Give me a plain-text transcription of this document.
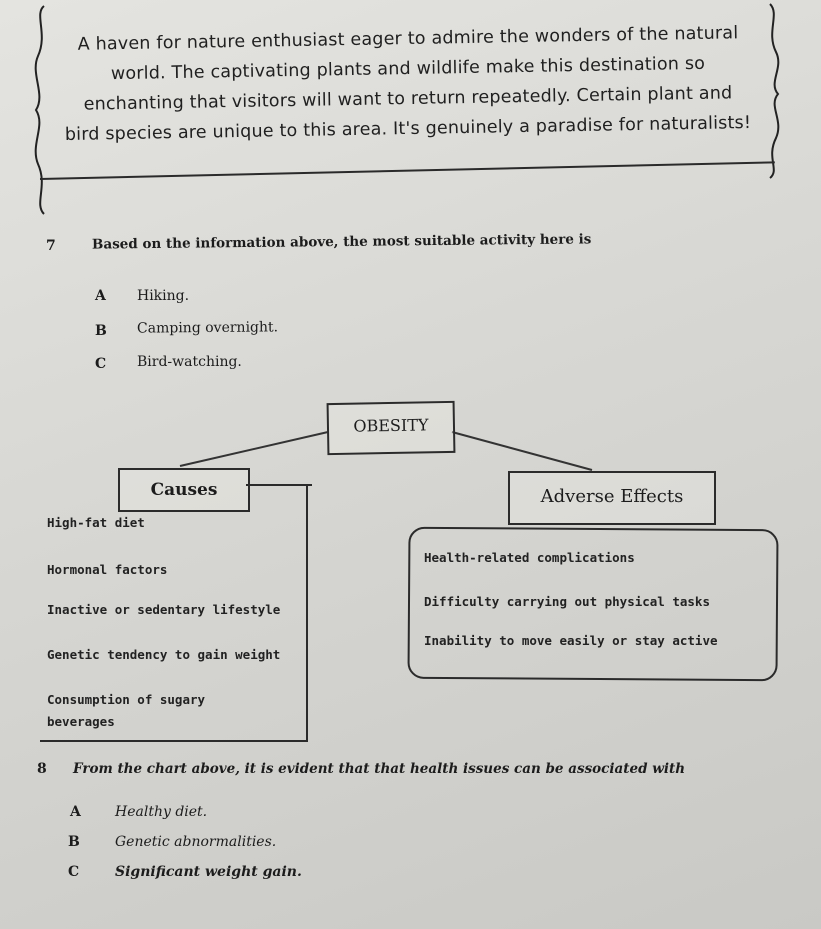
A haven for nature enthusiast eager to admire the wonders of the natural
world. The captivating plants and wildlife make this destination so
enchanting that visitors will want to return repeatedly. Certain plant and
bird species are unique to this area. It's genuinely a paradise for naturalists!
7	Based on the information above, the most suitable activity here is
A Hiking.
B Camping overnight.
C Bird-watching.
OBESITY
Causes
High-fat diet
Hormonal factors
Inactive or sedentary lifestyle
Genetic tendency to gain weight
Consumption of sugary
beverages
Adverse Effects
Health-related complications
Difficulty carrying out physical tasks
Inability to move easily or stay active
8 From the chart above, it is evident that that health issues can be associated with
A Healthy diet.
B	Genetic abnormalities.
C	Significant weight gain.
